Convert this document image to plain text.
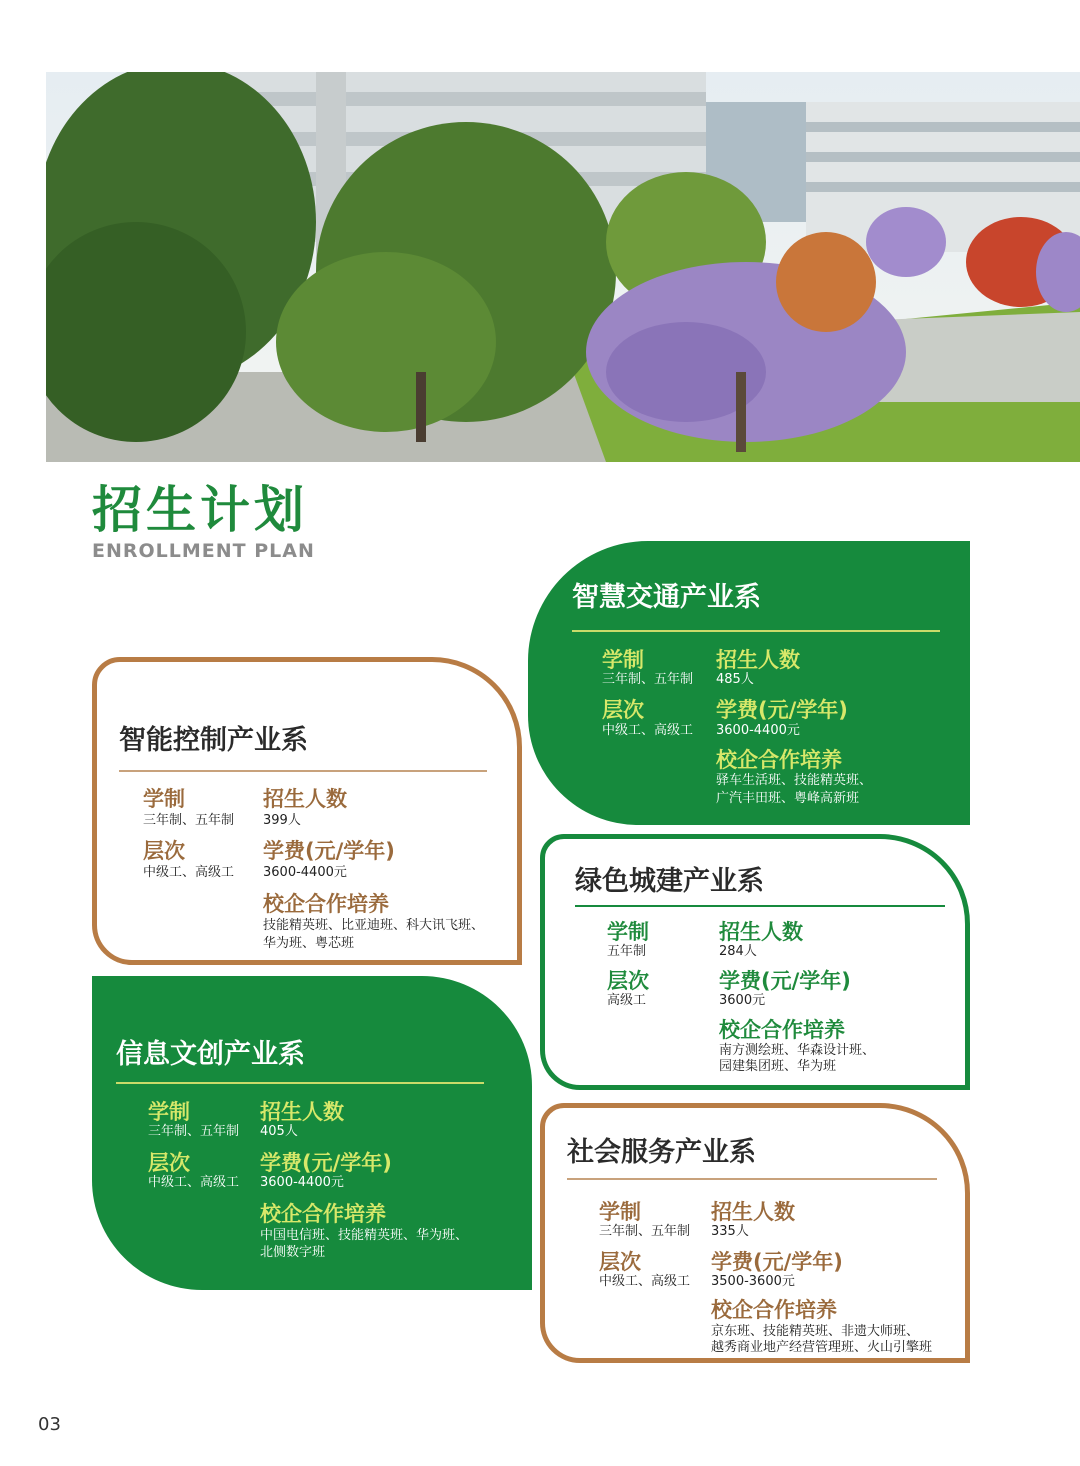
招生计划
ENROLLMENT PLAN
智能控制产业系
学制
三年制、五年制
层次
中级工、高级工
招生人数
399人
学费(元/学年)
3600-4400元
校企合作培养
技能精英班、比亚迪班、科大讯飞班、
华为班、粤芯班
智慧交通产业系
学制
三年制、五年制
层次
中级工、高级工
招生人数
485人
学费(元/学年)
3600-4400元
校企合作培养
驿车生活班、技能精英班、
广汽丰田班、粤峰高新班
绿色城建产业系
学制
五年制
层次
高级工
招生人数
284人
学费(元/学年)
3600元
校企合作培养
南方测绘班、华森设计班、
园建集团班、华为班
信息文创产业系
学制
三年制、五年制
层次
中级工、高级工
招生人数
405人
学费(元/学年)
3600-4400元
校企合作培养
中国电信班、技能精英班、华为班、
北侧数字班
社会服务产业系
学制
三年制、五年制
层次
中级工、高级工
招生人数
335人
学费(元/学年)
3500-3600元
校企合作培养
京东班、技能精英班、非遗大师班、
越秀商业地产经营管理班、火山引擎班
03
